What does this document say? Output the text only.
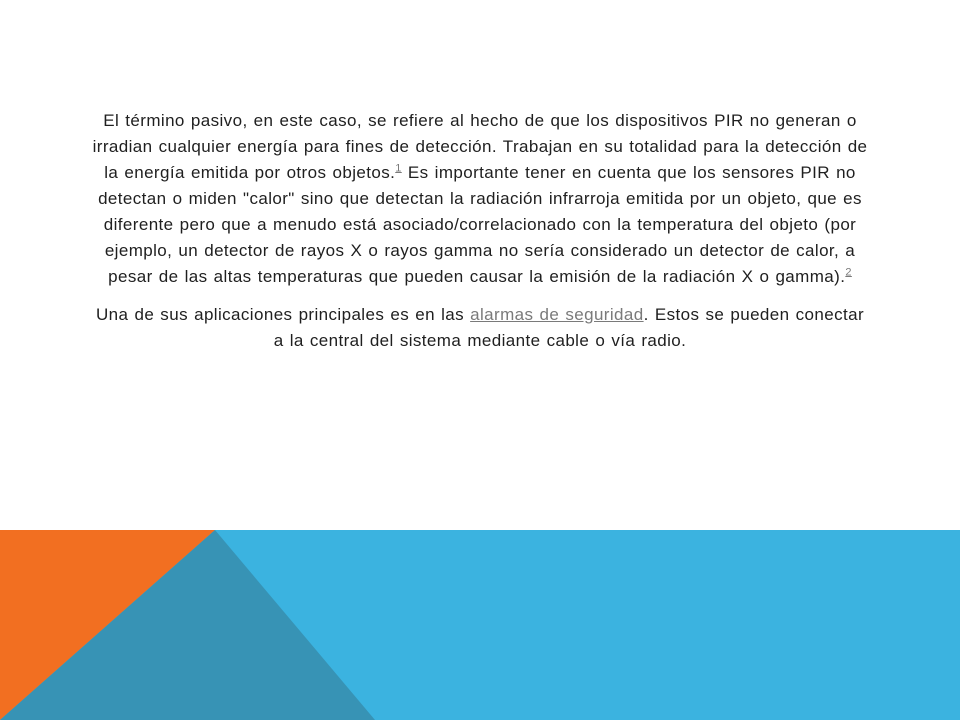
El término pasivo, en este caso, se refiere al hecho de que los dispositivos PIR no generan o irradian cualquier energía para fines de detección. Trabajan en su totalidad para la detección de la energía emitida por otros objetos.$^1$ Es importante tener en cuenta que los sensores PIR no detectan o miden "calor" sino que detectan la radiación infrarroja emitida por un objeto, que es diferente pero que a menudo está asociado/correlacionado con la temperatura del objeto (por ejemplo, un detector de rayos X o rayos gamma no sería considerado un detector de calor, a pesar de las altas temperaturas que pueden causar la emisión de la radiación X o gamma).$^2$

Una de sus aplicaciones principales es en las alarmas de seguridad. Estos se pueden conectar a la central del sistema mediante cable o vía radio.
